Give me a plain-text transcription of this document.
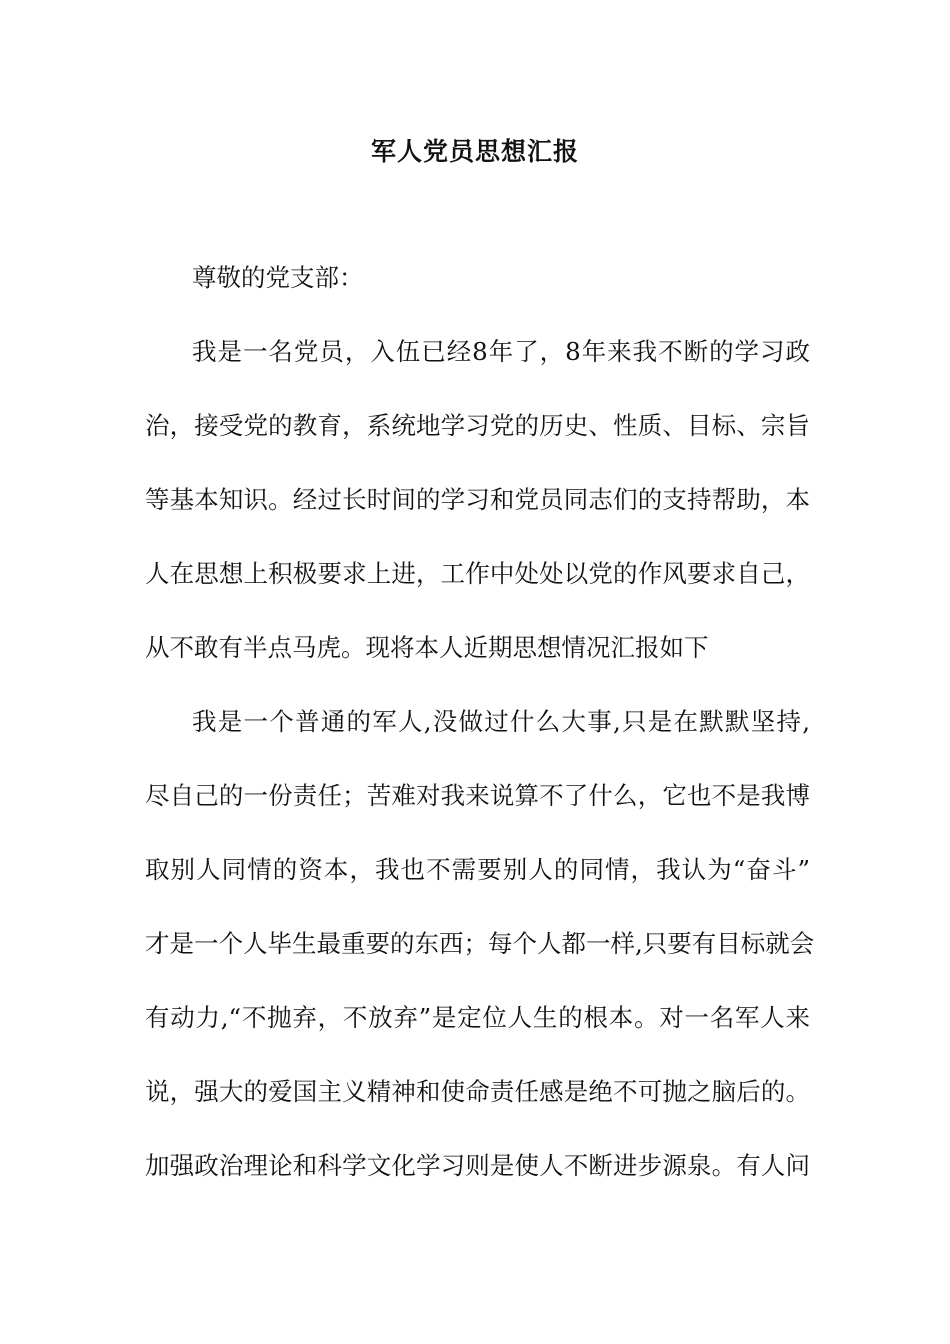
军人党员思想汇报
尊敬的党支部：
我是一名党员，入伍已经8年了，8年来我不断的学习政
治，接受党的教育，系统地学习党的历史、性质、目标、宗旨
等基本知识。经过长时间的学习和党员同志们的支持帮助，本
人在思想上积极要求上进，工作中处处以党的作风要求自己，
从不敢有半点马虎。现将本人近期思想情况汇报如下
我是一个普通的军人,没做过什么大事,只是在默默坚持,
尽自己的一份责任；苦难对我来说算不了什么，它也不是我博
取别人同情的资本，我也不需要别人的同情，我认为“奋斗”
才是一个人毕生最重要的东西；每个人都一样,只要有目标就会
有动力,“不抛弃，不放弃”是定位人生的根本。对一名军人来
说，强大的爱国主义精神和使命责任感是绝不可抛之脑后的。
加强政治理论和科学文化学习则是使人不断进步源泉。有人问
